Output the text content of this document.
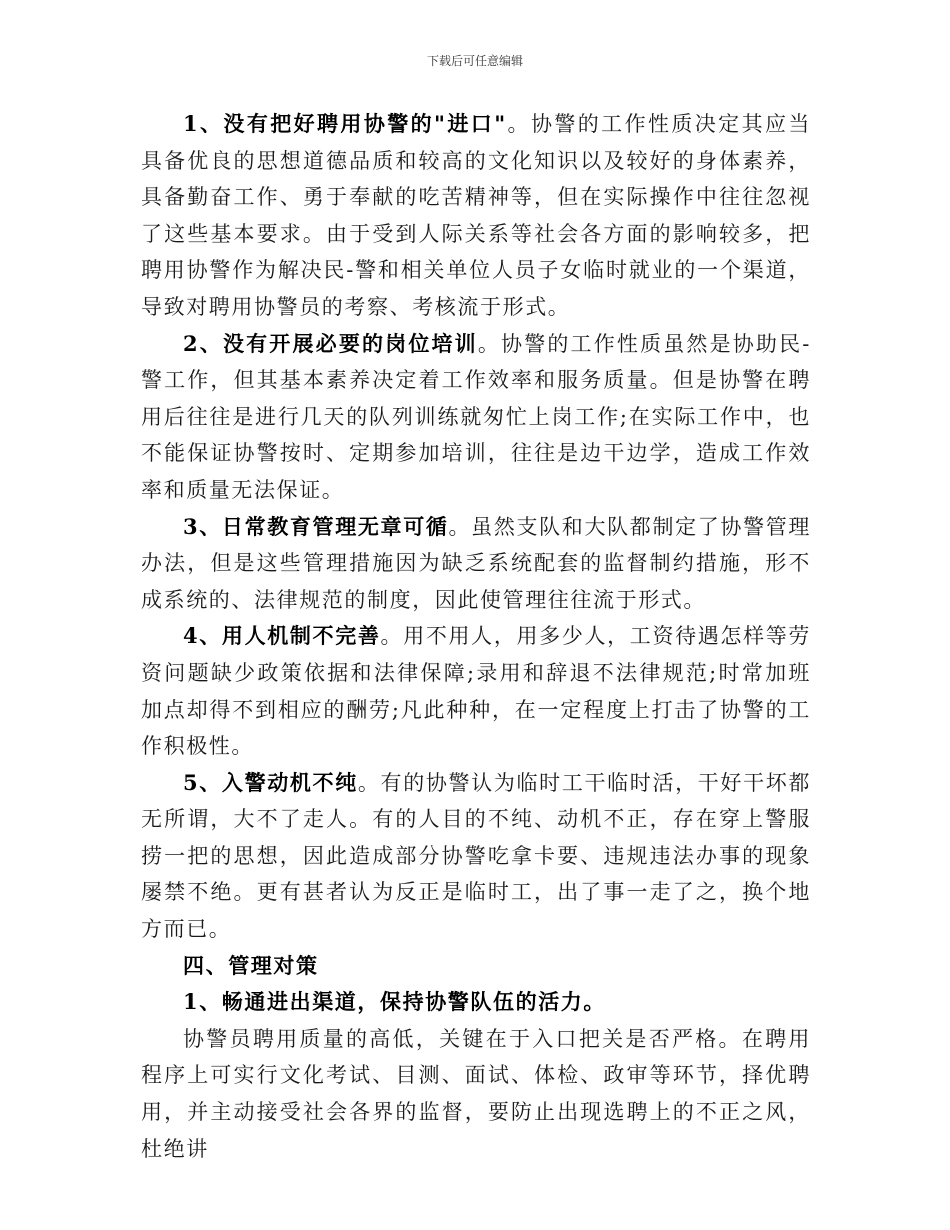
下载后可任意编辑

1、没有把好聘用协警的"进口"。协警的工作性质决定其应当具备优良的思想道德品质和较高的文化知识以及较好的身体素养，具备勤奋工作、勇于奉献的吃苦精神等，但在实际操作中往往忽视了这些基本要求。由于受到人际关系等社会各方面的影响较多，把聘用协警作为解决民-警和相关单位人员子女临时就业的一个渠道，导致对聘用协警员的考察、考核流于形式。

2、没有开展必要的岗位培训。协警的工作性质虽然是协助民-警工作，但其基本素养决定着工作效率和服务质量。但是协警在聘用后往往是进行几天的队列训练就匆忙上岗工作;在实际工作中，也不能保证协警按时、定期参加培训，往往是边干边学，造成工作效率和质量无法保证。

3、日常教育管理无章可循。虽然支队和大队都制定了协警管理办法，但是这些管理措施因为缺乏系统配套的监督制约措施，形不成系统的、法律规范的制度，因此使管理往往流于形式。

4、用人机制不完善。用不用人，用多少人，工资待遇怎样等劳资问题缺少政策依据和法律保障;录用和辞退不法律规范;时常加班加点却得不到相应的酬劳;凡此种种，在一定程度上打击了协警的工作积极性。

5、入警动机不纯。有的协警认为临时工干临时活，干好干坏都无所谓，大不了走人。有的人目的不纯、动机不正，存在穿上警服捞一把的思想，因此造成部分协警吃拿卡要、违规违法办事的现象屡禁不绝。更有甚者认为反正是临时工，出了事一走了之，换个地方而已。

四、管理对策

1、畅通进出渠道，保持协警队伍的活力。

协警员聘用质量的高低，关键在于入口把关是否严格。在聘用程序上可实行文化考试、目测、面试、体检、政审等环节，择优聘用，并主动接受社会各界的监督，要防止出现选聘上的不正之风，杜绝讲
